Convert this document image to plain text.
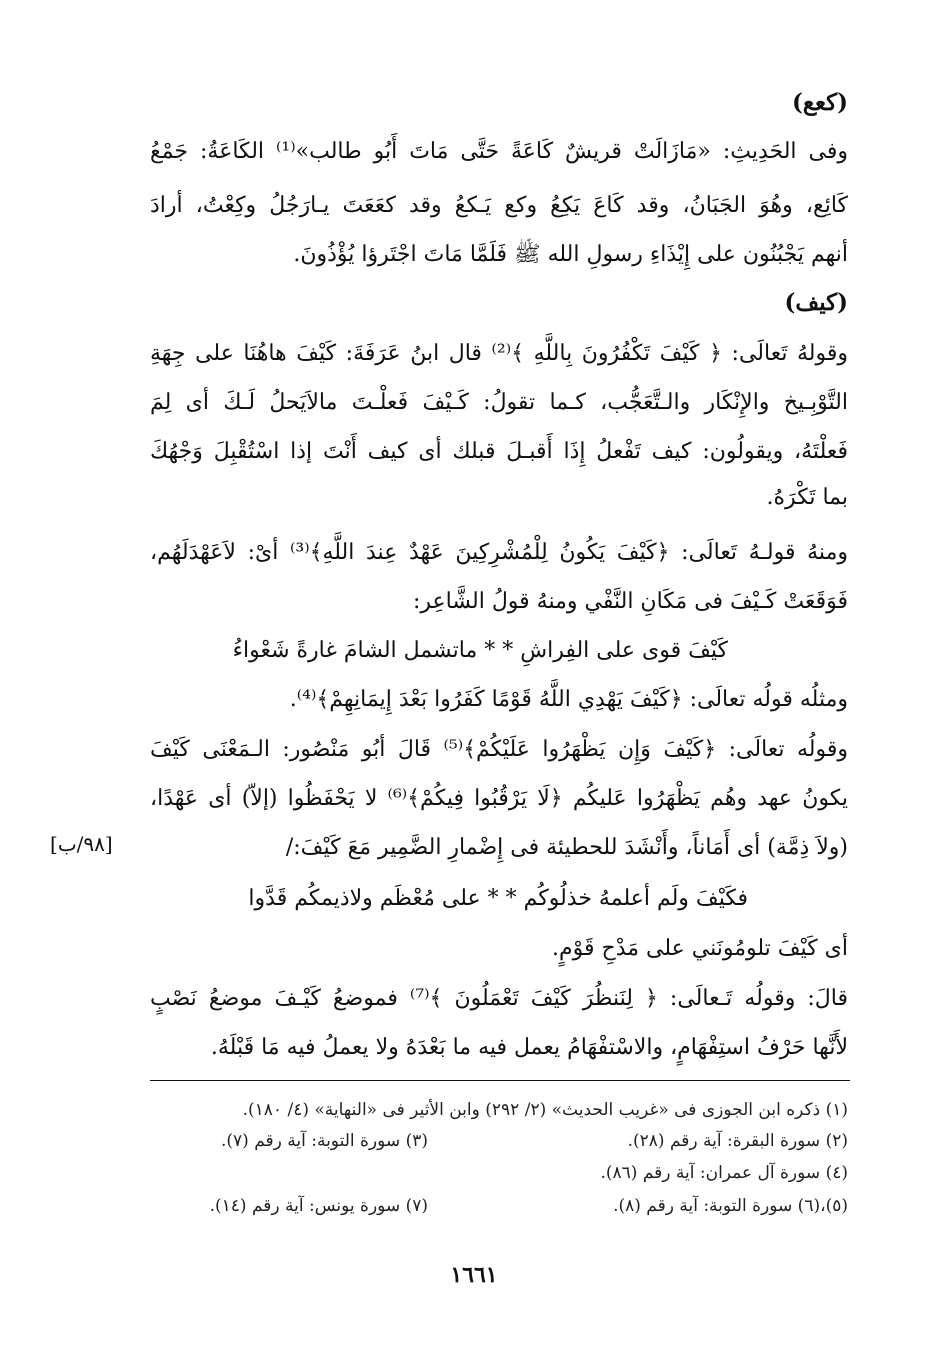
(كعع)
وفى الحَدِيثِ: «مَازَالَتْ قريشٌ كَاعَةً حَتَّى مَاتَ أَبُو طالب»⁽¹⁾ الكَاعَةُ: جَمْعُ
كَائِع، وهُوَ الجَبَانُ، وقد كَاعَ يَكِعُ وكع يَـكعُ وقد كعَعَتَ يـارَجُلُ وكِعْتُ، أرادَ
أنهم يَجْبُنُون على إِيْذَاءِ رسولِ الله ﷺ فَلَمَّا مَاتَ اجْتَرؤا يُؤْذُونَ.
(كيف)
وقولهُ تَعالَى: ﴿ كَيْفَ تَكْفُرُونَ بِاللَّهِ ﴾⁽²⁾ قال ابنُ عَرَفَةَ: كَيْفَ هاهُنَا على جِهَةِ
التَّوْبِـيخ والإِنْكَار والـتَّعَجُّب، كـما تقولُ: كَـيْفَ فَعلْـتَ مالاَيَحلُ لَـكَ أى لِمَ
فَعلْتَهُ، ويقولُون: كيف تَفْعلُ إِذَا أَقبـلَ قبلك أى كيف أَنْتَ إذا اسْتُقْبِلَ وَجْهُكَ
بما تَكْرَهُ.
ومنهُ قولـهُ تَعالَى: ﴿كَيْفَ يَكُونُ لِلْمُشْرِكِينَ عَهْدٌ عِندَ اللَّهِ﴾⁽³⁾ أىْ: لاَعَهْدَلَهُم،
فَوَقَعَتْ كَـيْفَ فى مَكَانِ النَّفْي ومنهُ قولُ الشَّاعِر:
كَيْفَ قوى على الفِراشِ * * ماتشمل الشامَ غارةً شَعْواءُ
ومثلُه قولُه تعالَى: ﴿كَيْفَ يَهْدِي اللَّهُ قَوْمًا كَفَرُوا بَعْدَ إِيمَانِهِمْ﴾⁽⁴⁾.
وقولُه تعالَى: ﴿كَيْفَ وَإِن يَظْهَرُوا عَلَيْكُمْ﴾⁽⁵⁾ قَالَ أبُو مَنْصُور: الـمَعْنَى كَيْفَ
يكونُ عهد وهُم يَظْهَرُوا عَليكُم ﴿لَا يَرْقُبُوا فِيكُمْ﴾⁽⁶⁾ لا يَحْفَظُوا (إلاّ) أى عَهْدًا،
(ولاَ ذِمَّة) أى أَمَاناً، وأَنْشَدَ للحطيئة فى إِضْمارِ الضَّمِير مَعَ كَيْفَ:/
[٩٨/ب]
فكَيْفَ ولَم أعلمهُ خذلُوكُم * * على مُعْظَم ولاذيمكُم قَدَّوا
أى كَيْفَ تلومُونَني على مَدْحِ قَوْمٍ.
قالَ: وقولُه تَـعالَى: ﴿ لِنَنظُرَ كَيْفَ تَعْمَلُونَ ﴾⁽⁷⁾ فموضعُ كَيْـفَ موضعُ نَصْبٍ
لأَنَّها حَرْفُ استِفْهَامٍ، والاسْتفْهَامُ يعمل فيه ما بَعْدَهُ ولا يعملُ فيه مَا قَبْلَهُ.
(١) ذكره ابن الجوزى فى «غريب الحديث» (٢/ ٢٩٢) وابن الأثير فى «النهاية» (٤/ ١٨٠).
(٢) سورة البقرة: آية رقم (٢٨).
(٣) سورة التوبة: آية رقم (٧).
(٤) سورة آل عمران: آية رقم (٨٦).
(٥)،(٦) سورة التوبة: آية رقم (٨).
(٧) سورة يونس: آية رقم (١٤).
١٦٦١
